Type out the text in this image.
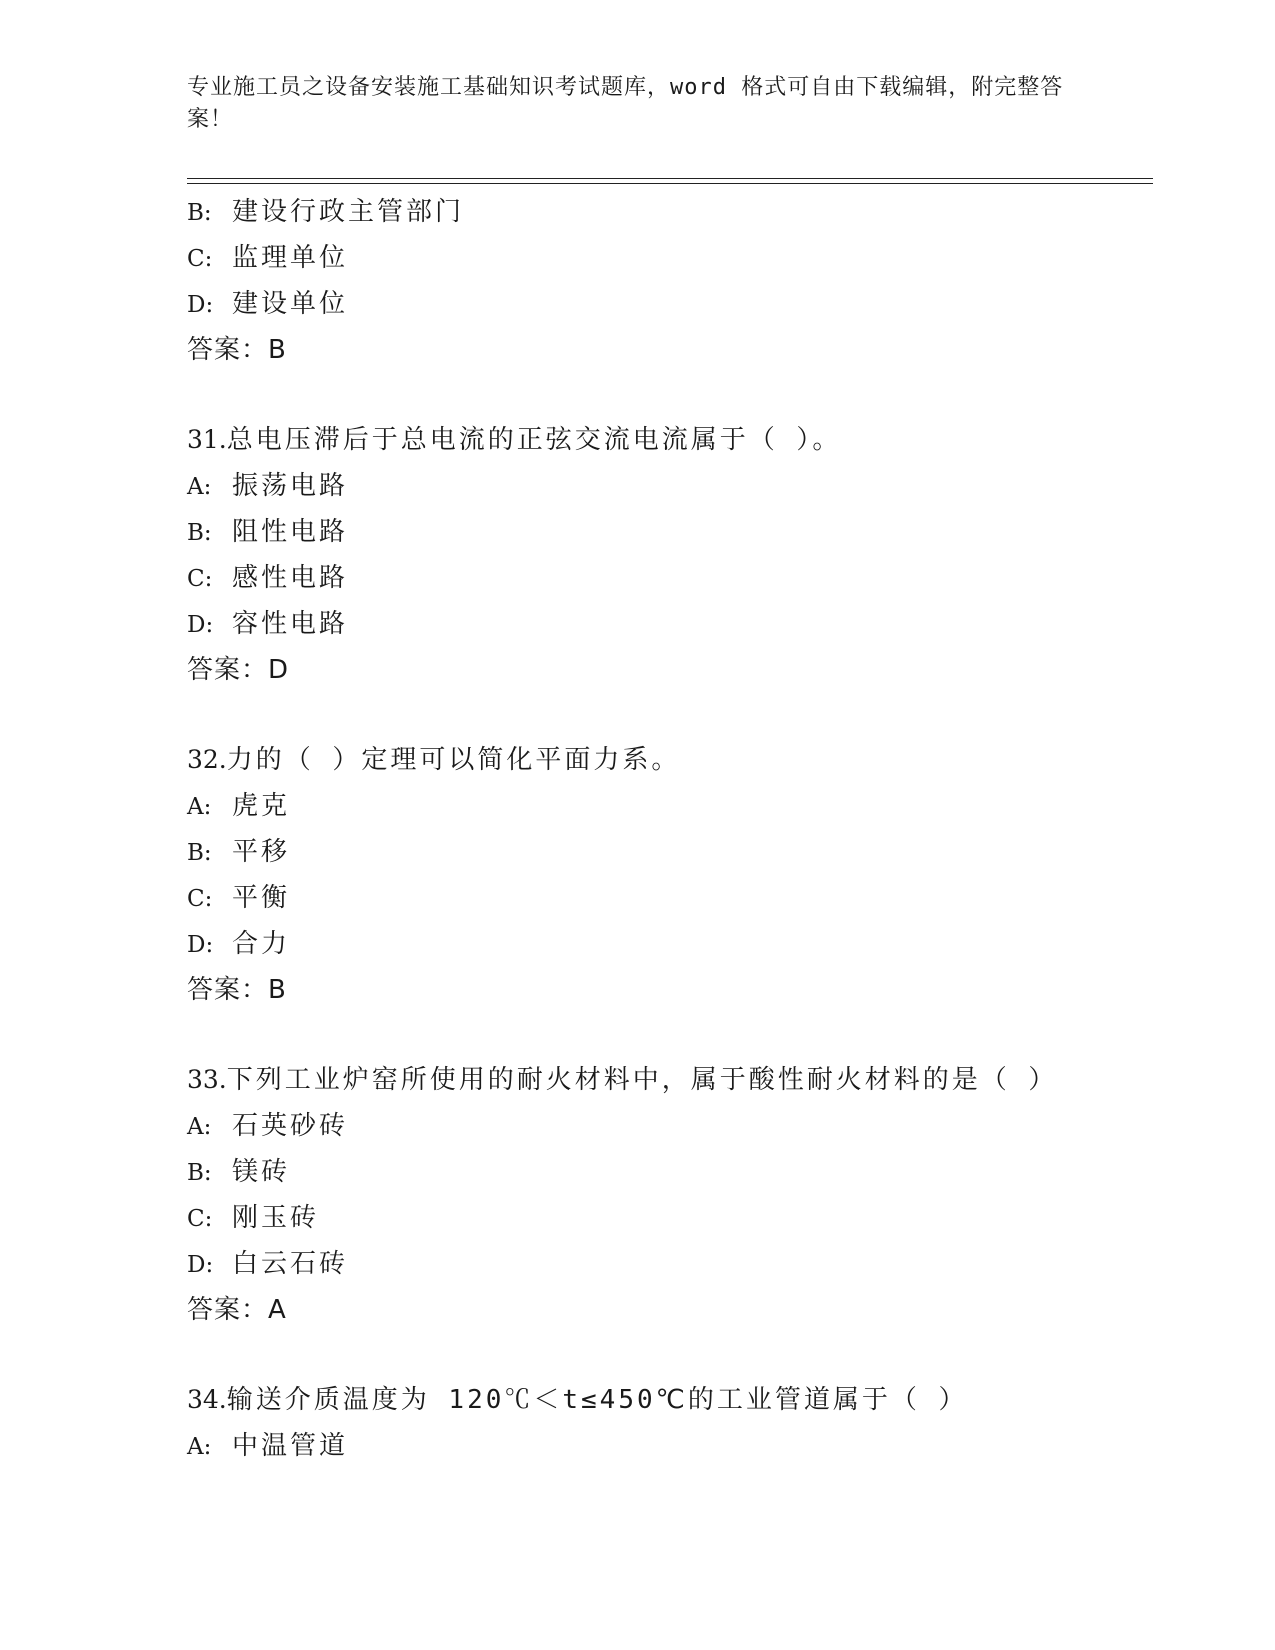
专业施工员之设备安装施工基础知识考试题库，word 格式可自由下载编辑，附完整答案！
B: 建设行政主管部门
C: 监理单位
D: 建设单位
答案：B
31.总电压滞后于总电流的正弦交流电流属于（ ）。
A: 振荡电路
B: 阻性电路
C: 感性电路
D: 容性电路
答案：D
32.力的（ ）定理可以简化平面力系。
A: 虎克
B: 平移
C: 平衡
D: 合力
答案：B
33.下列工业炉窑所使用的耐火材料中，属于酸性耐火材料的是（ ）
A: 石英砂砖
B: 镁砖
C: 刚玉砖
D: 白云石砖
答案：A
34.输送介质温度为 120℃＜t≤450℃的工业管道属于（ ）
A: 中温管道
